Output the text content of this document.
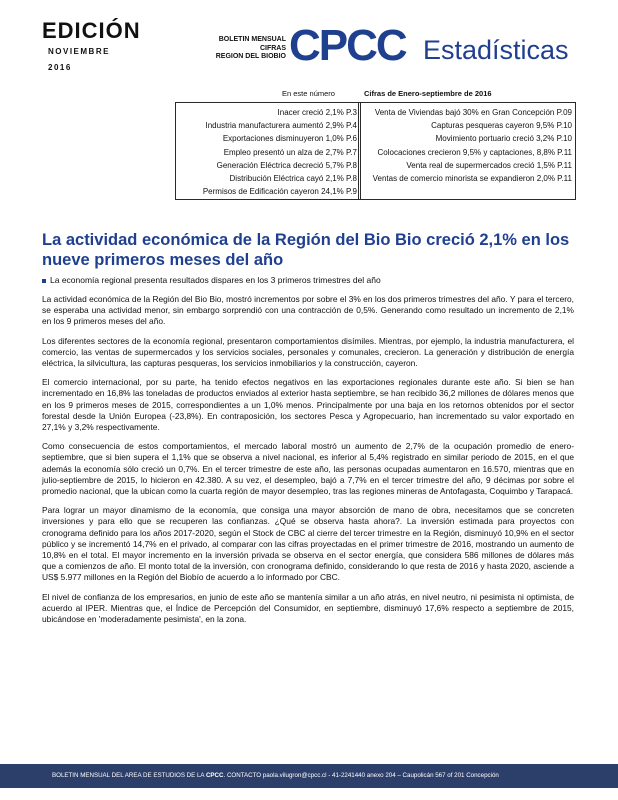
EDICIÓN
NOVIEMBRE
2016
BOLETIN MENSUAL
CIFRAS
REGION DEL BIOBIO CPCC Estadísticas
En este número	Cifras de Enero-septiembre de 2016
Inacer creció 2,1% P.3
Industria manufacturera aumentó 2,9% P.4
Exportaciones disminuyeron 1,0% P.6
Empleo presentó un alza de 2,7% P.7
Generación Eléctrica decreció 5,7% P.8
Distribución Eléctrica cayó 2,1% P.8
Permisos de Edificación cayeron 24,1% P.9
Venta de Viviendas bajó 30% en Gran Concepción P.09
Capturas pesqueras cayeron 9,5% P.10
Movimiento portuario creció 3,2% P.10
Colocaciones crecieron 9,5% y captaciones, 8,8% P.11
Venta real de supermercados creció 1,5% P.11
Ventas de comercio minorista se expandieron 2,0% P.11
La actividad económica de la Región del Bio Bio creció 2,1% en los nueve primeros meses del año
La economía regional presenta resultados dispares en los 3 primeros trimestres del año

La actividad económica de la Región del Bio Bio, mostró incrementos por sobre el 3% en los dos primeros trimestres del año. Y para el tercero, se esperaba una actividad menor, sin embargo sorprendió con una contracción de 0,5%. Generando como resultado un incremento de 2,1% en los 9 primeros meses del año.

Los diferentes sectores de la economía regional, presentaron comportamientos disímiles. Mientras, por ejemplo, la industria manufacturera, el comercio, las ventas de supermercados y los servicios sociales, personales y comunales, crecieron. La generación y distribución de energía eléctrica, la silvicultura, las capturas pesqueras, los servicios inmobiliarios y la construcción, cayeron.

El comercio internacional, por su parte, ha tenido efectos negativos en las exportaciones regionales durante este año. Si bien se han incrementado en 16,8% las toneladas de productos enviados al exterior hasta septiembre, se han recibido 36,2 millones de dólares menos que en los 9 primeros meses de 2015, correspondientes a un 1,0% menos. Principalmente por una baja en los retornos obtenidos por el sector forestal desde la Unión Europea (-23,8%). En contraposición, los sectores Pesca y Agropecuario, han incrementado su valor exportado en 27,1% y 3,2% respectivamente.

Como consecuencia de estos comportamientos, el mercado laboral mostró un aumento de 2,7% de la ocupación promedio de enero-septiembre, que si bien supera el 1,1% que se observa a nivel nacional, es inferior al 5,4% registrado en similar periodo de 2015, en el que además la economía sólo creció un 0,7%. En el tercer trimestre de este año, las personas ocupadas aumentaron en 16.570, mientras que en julio-septiembre de 2015, lo hicieron en 42.380. A su vez, el desempleo, bajó a 7,7% en el tercer trimestre del año, 9 décimas por sobre el promedio nacional, que la ubican como la cuarta región de mayor desempleo, tras las regiones mineras de Antofagasta, Coquimbo y Tarapacá.

Para lograr un mayor dinamismo de la economía, que consiga una mayor absorción de mano de obra, necesitamos que se concreten inversiones y para ello que se recuperen las confianzas. ¿Qué se observa hasta ahora?. La inversión estimada para proyectos con cronograma definido para los años 2017-2020, según el Stock de CBC al cierre del tercer trimestre en la Región, disminuyó 10,9% en el sector público y se incrementó 14,7% en el privado, al comparar con las cifras proyectadas en el primer trimestre de 2016, mostrando un aumento de 10,8% en el total. El mayor incremento en la inversión privada se observa en el sector energía, que considera 586 millones de dólares más que a comienzos de año. El monto total de la inversión, con cronograma definido, considerando lo que resta de 2016 y hasta 2020, asciende a US$ 5.977 millones en la Región del Biobío de acuerdo a lo informado por CBC.

El nivel de confianza de los empresarios, en junio de este año se mantenía similar a un año atrás, en nivel neutro, ni pesimista ni optimista, de acuerdo al IPER. Mientras que, el Índice de Percepción del Consumidor, en septiembre, disminuyó 17,6% respecto a septiembre de 2015, ubicándose en 'moderadamente pesimista', en la zona.

BOLETIN MENSUAL DEL AREA DE ESTUDIOS DE LA CPCC. CONTACTO paola.vilugron@cpcc.cl - 41-2241440 anexo 204 – Caupolicán 567 of 201 Concepción
